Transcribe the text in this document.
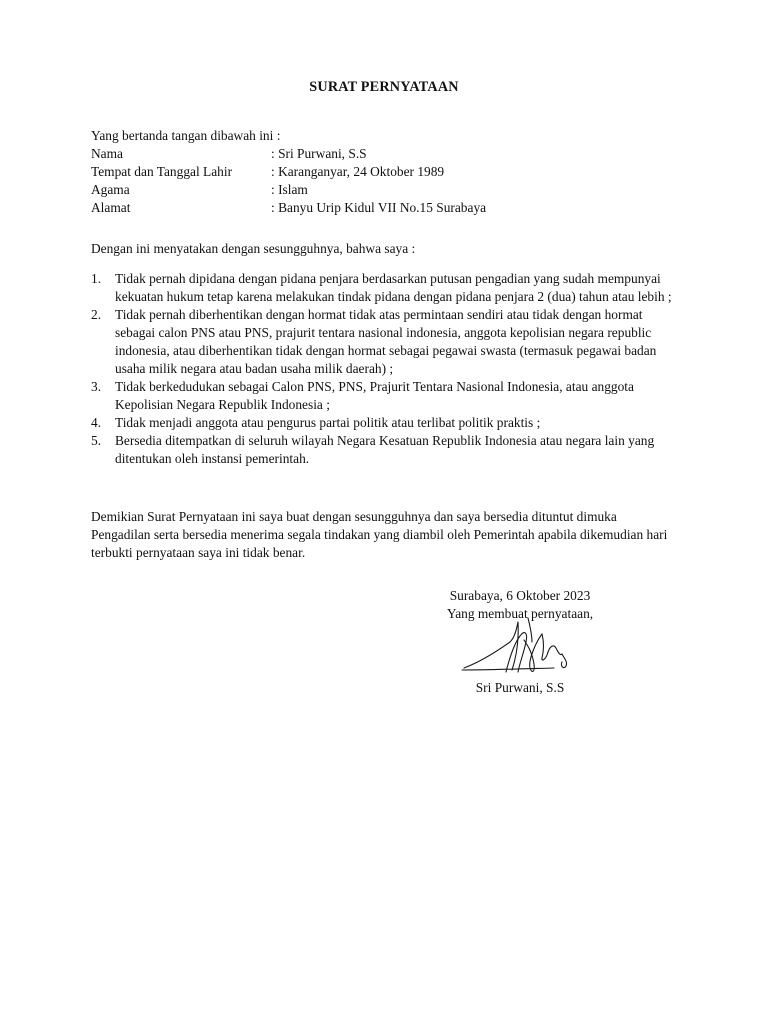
SURAT PERNYATAAN
Yang bertanda tangan dibawah ini :
Nama	: Sri Purwani, S.S
Tempat dan Tanggal Lahir	: Karanganyar, 24 Oktober 1989
Agama	: Islam
Alamat	: Banyu Urip Kidul VII No.15 Surabaya
Dengan ini menyatakan dengan sesungguhnya, bahwa saya :
1.	Tidak pernah dipidana dengan pidana penjara berdasarkan putusan pengadian yang sudah mempunyai kekuatan hukum tetap karena melakukan tindak pidana dengan pidana penjara 2 (dua) tahun atau lebih ;
2.	Tidak pernah diberhentikan dengan hormat tidak atas permintaan sendiri atau tidak dengan hormat sebagai calon PNS atau PNS, prajurit tentara nasional indonesia, anggota kepolisian negara republic indonesia, atau diberhentikan tidak dengan hormat sebagai pegawai swasta (termasuk pegawai badan usaha milik negara atau badan usaha milik daerah) ;
3.	Tidak berkedudukan sebagai Calon PNS, PNS, Prajurit Tentara Nasional Indonesia, atau anggota Kepolisian Negara Republik Indonesia ;
4.	Tidak menjadi anggota atau pengurus partai politik atau terlibat politik praktis ;
5.	Bersedia ditempatkan di seluruh wilayah Negara Kesatuan Republik Indonesia atau negara lain yang ditentukan oleh instansi pemerintah.
Demikian Surat Pernyataan ini saya buat dengan sesungguhnya dan saya bersedia dituntut dimuka Pengadilan serta bersedia menerima segala tindakan yang diambil oleh Pemerintah apabila dikemudian hari terbukti pernyataan saya ini tidak benar.
Surabaya, 6 Oktober 2023
Yang membuat pernyataan,
Sri Purwani, S.S
